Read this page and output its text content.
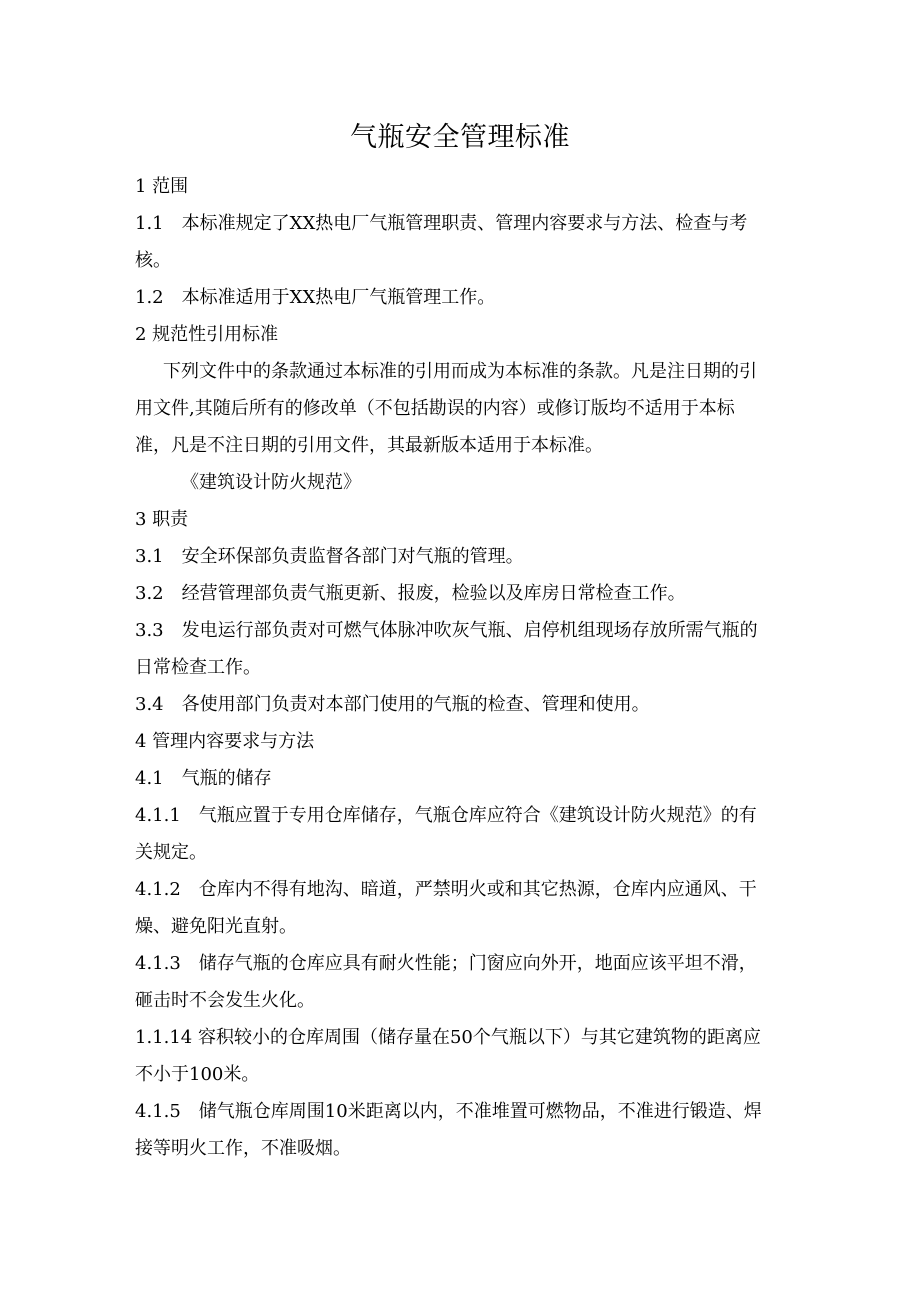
气瓶安全管理标准
1 范围
1.1　本标准规定了XX热电厂气瓶管理职责、管理内容要求与方法、检查与考
核。
1.2　本标准适用于XX热电厂气瓶管理工作。
2 规范性引用标准
下列文件中的条款通过本标准的引用而成为本标准的条款。凡是注日期的引
用文件,其随后所有的修改单（不包括勘误的内容）或修订版均不适用于本标
准，凡是不注日期的引用文件，其最新版本适用于本标准。
《建筑设计防火规范》
3 职责
3.1　安全环保部负责监督各部门对气瓶的管理。
3.2　经营管理部负责气瓶更新、报废，检验以及库房日常检查工作。
3.3　发电运行部负责对可燃气体脉冲吹灰气瓶、启停机组现场存放所需气瓶的
日常检查工作。
3.4　各使用部门负责对本部门使用的气瓶的检查、管理和使用。
4 管理内容要求与方法
4.1　气瓶的储存
4.1.1　气瓶应置于专用仓库储存，气瓶仓库应符合《建筑设计防火规范》的有
关规定。
4.1.2　仓库内不得有地沟、暗道，严禁明火或和其它热源，仓库内应通风、干
燥、避免阳光直射。
4.1.3　储存气瓶的仓库应具有耐火性能；门窗应向外开，地面应该平坦不滑，
砸击时不会发生火化。
1.1.14 容积较小的仓库周围（储存量在50个气瓶以下）与其它建筑物的距离应
不小于100米。
4.1.5　储气瓶仓库周围10米距离以内，不准堆置可燃物品，不准进行锻造、焊
接等明火工作，不准吸烟。
